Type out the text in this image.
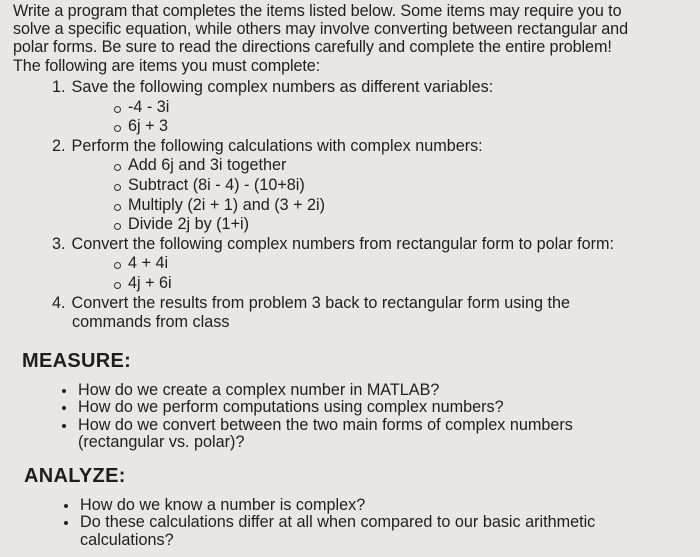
Write a program that completes the items listed below. Some items may require you to
solve a specific equation, while others may involve converting between rectangular and
polar forms. Be sure to read the directions carefully and complete the entire problem!
The following are items you must complete:

1. Save the following complex numbers as different variables:
-4 - 3i
6j + 3
2. Perform the following calculations with complex numbers:
Add 6j and 3i together
Subtract (8i - 4) - (10+8i)
Multiply (2i + 1) and (3 + 2i)
Divide 2j by (1+i)
3. Convert the following complex numbers from rectangular form to polar form:
4 + 4i
4j + 6i
4. Convert the results from problem 3 back to rectangular form using the
commands from class
MEASURE:
How do we create a complex number in MATLAB?
How do we perform computations using complex numbers?
How do we convert between the two main forms of complex numbers
(rectangular vs. polar)?
ANALYZE:
How do we know a number is complex?
Do these calculations differ at all when compared to our basic arithmetic
calculations?
